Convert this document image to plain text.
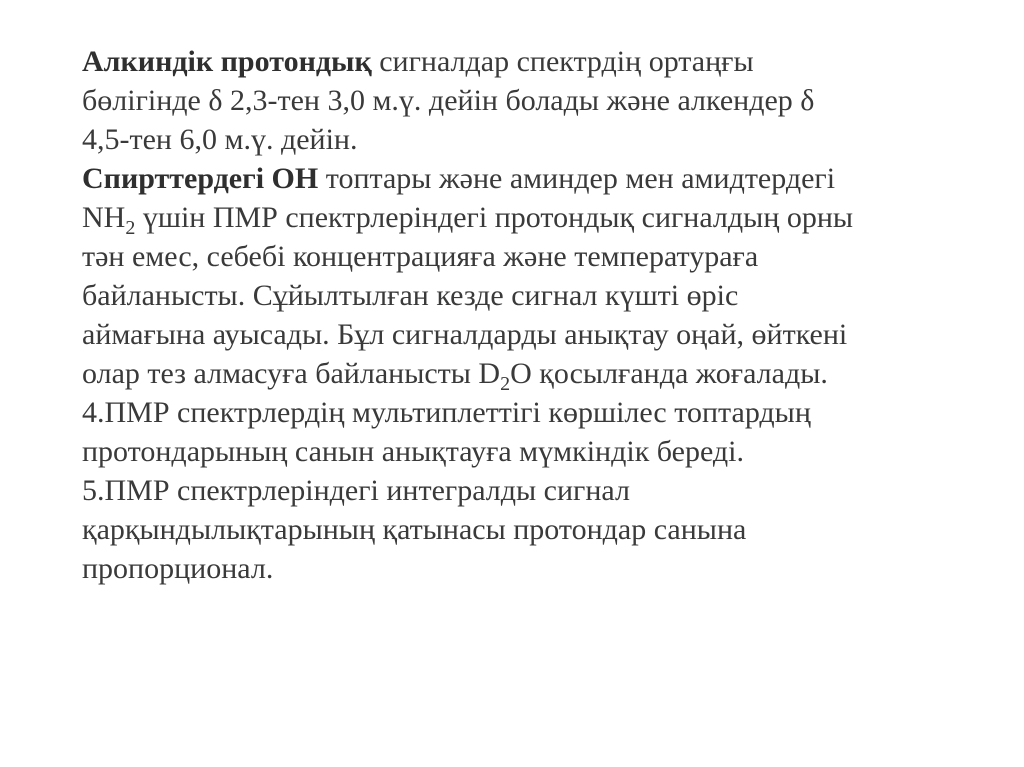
Алкиндік протондық сигналдар спектрдің ортаңғы
бөлігінде δ 2,3-тен 3,0 м.ү. дейін болады және алкендер δ
4,5-тен 6,0 м.ү. дейін.
Спирттердегі ОН топтары және аминдер мен амидтердегі
$NH_2$ үшін ПМР спектрлеріндегі протондық сигналдың орны
тән емес, себебі концентрацияға және температураға
байланысты. Сұйылтылған кезде сигнал күшті өріс
аймағына ауысады. Бұл сигналдарды анықтау оңай, өйткені
олар тез алмасуға байланысты $D_2O$ қосылғанда жоғалады.
4.ПМР спектрлердің мультиплеттігі көршілес топтардың
протондарының санын анықтауға мүмкіндік береді.
5.ПМР спектрлеріндегі интегралды сигнал
қарқындылықтарының қатынасы протондар санына
пропорционал.
